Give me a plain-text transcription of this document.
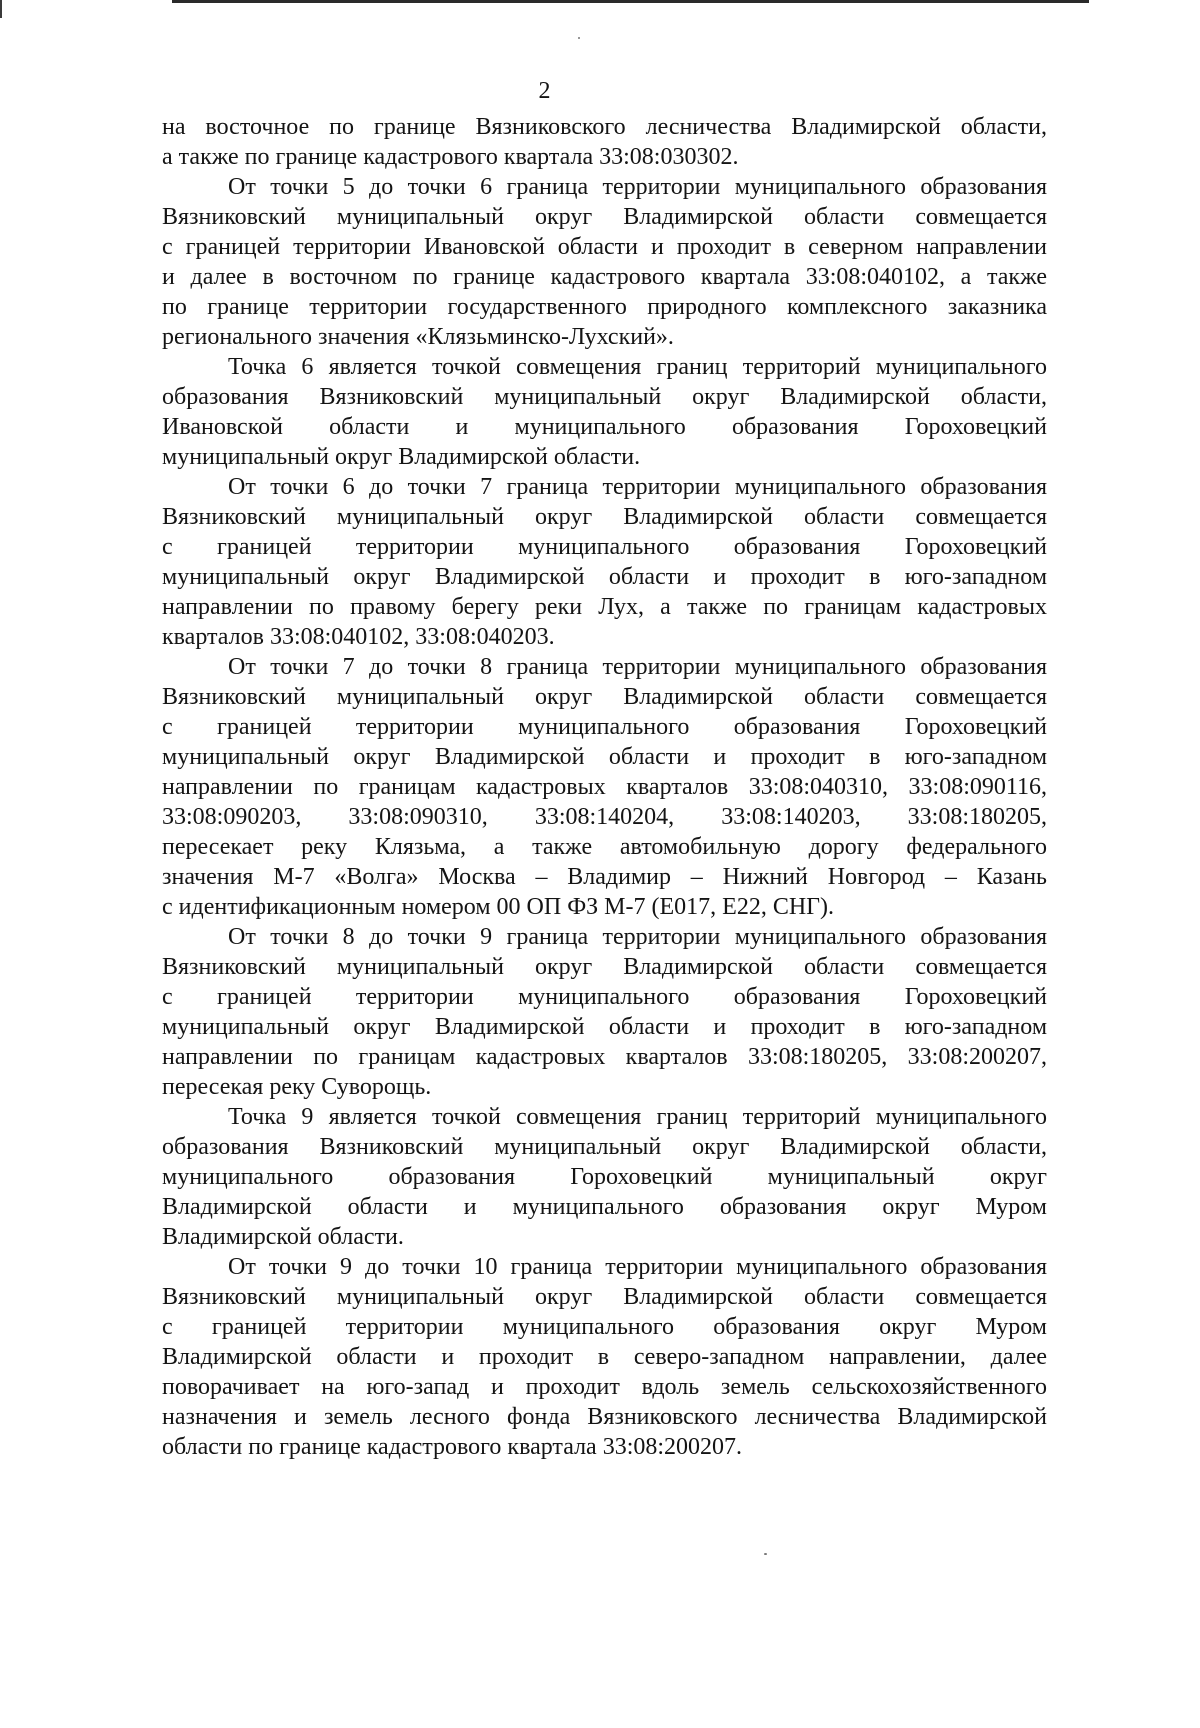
2
на восточное по границе Вязниковского лесничества Владимирской области,
а также по границе кадастрового квартала 33:08:030302.
От точки 5 до точки 6 граница территории муниципального образования
Вязниковский муниципальный округ Владимирской области совмещается
с границей территории Ивановской области и проходит в северном направлении
и далее в восточном по границе кадастрового квартала 33:08:040102, а также
по границе территории государственного природного комплексного заказника
регионального значения «Клязьминско-Лухский».
Точка 6 является точкой совмещения границ территорий муниципального
образования Вязниковский муниципальный округ Владимирской области,
Ивановской области и муниципального образования Гороховецкий
муниципальный округ Владимирской области.
От точки 6 до точки 7 граница территории муниципального образования
Вязниковский муниципальный округ Владимирской области совмещается
с границей территории муниципального образования Гороховецкий
муниципальный округ Владимирской области и проходит в юго-западном
направлении по правому берегу реки Лух, а также по границам кадастровых
кварталов 33:08:040102, 33:08:040203.
От точки 7 до точки 8 граница территории муниципального образования
Вязниковский муниципальный округ Владимирской области совмещается
с границей территории муниципального образования Гороховецкий
муниципальный округ Владимирской области и проходит в юго-западном
направлении по границам кадастровых кварталов 33:08:040310, 33:08:090116,
33:08:090203, 33:08:090310, 33:08:140204, 33:08:140203, 33:08:180205,
пересекает реку Клязьма, а также автомобильную дорогу федерального
значения М-7 «Волга» Москва – Владимир – Нижний Новгород – Казань
с идентификационным номером 00 ОП ФЗ М-7 (Е017, Е22, СНГ).
От точки 8 до точки 9 граница территории муниципального образования
Вязниковский муниципальный округ Владимирской области совмещается
с границей территории муниципального образования Гороховецкий
муниципальный округ Владимирской области и проходит в юго-западном
направлении по границам кадастровых кварталов 33:08:180205, 33:08:200207,
пересекая реку Суворощь.
Точка 9 является точкой совмещения границ территорий муниципального
образования Вязниковский муниципальный округ Владимирской области,
муниципального образования Гороховецкий муниципальный округ
Владимирской области и муниципального образования округ Муром
Владимирской области.
От точки 9 до точки 10 граница территории муниципального образования
Вязниковский муниципальный округ Владимирской области совмещается
с границей территории муниципального образования округ Муром
Владимирской области и проходит в северо-западном направлении, далее
поворачивает на юго-запад и проходит вдоль земель сельскохозяйственного
назначения и земель лесного фонда Вязниковского лесничества Владимирской
области по границе кадастрового квартала 33:08:200207.
